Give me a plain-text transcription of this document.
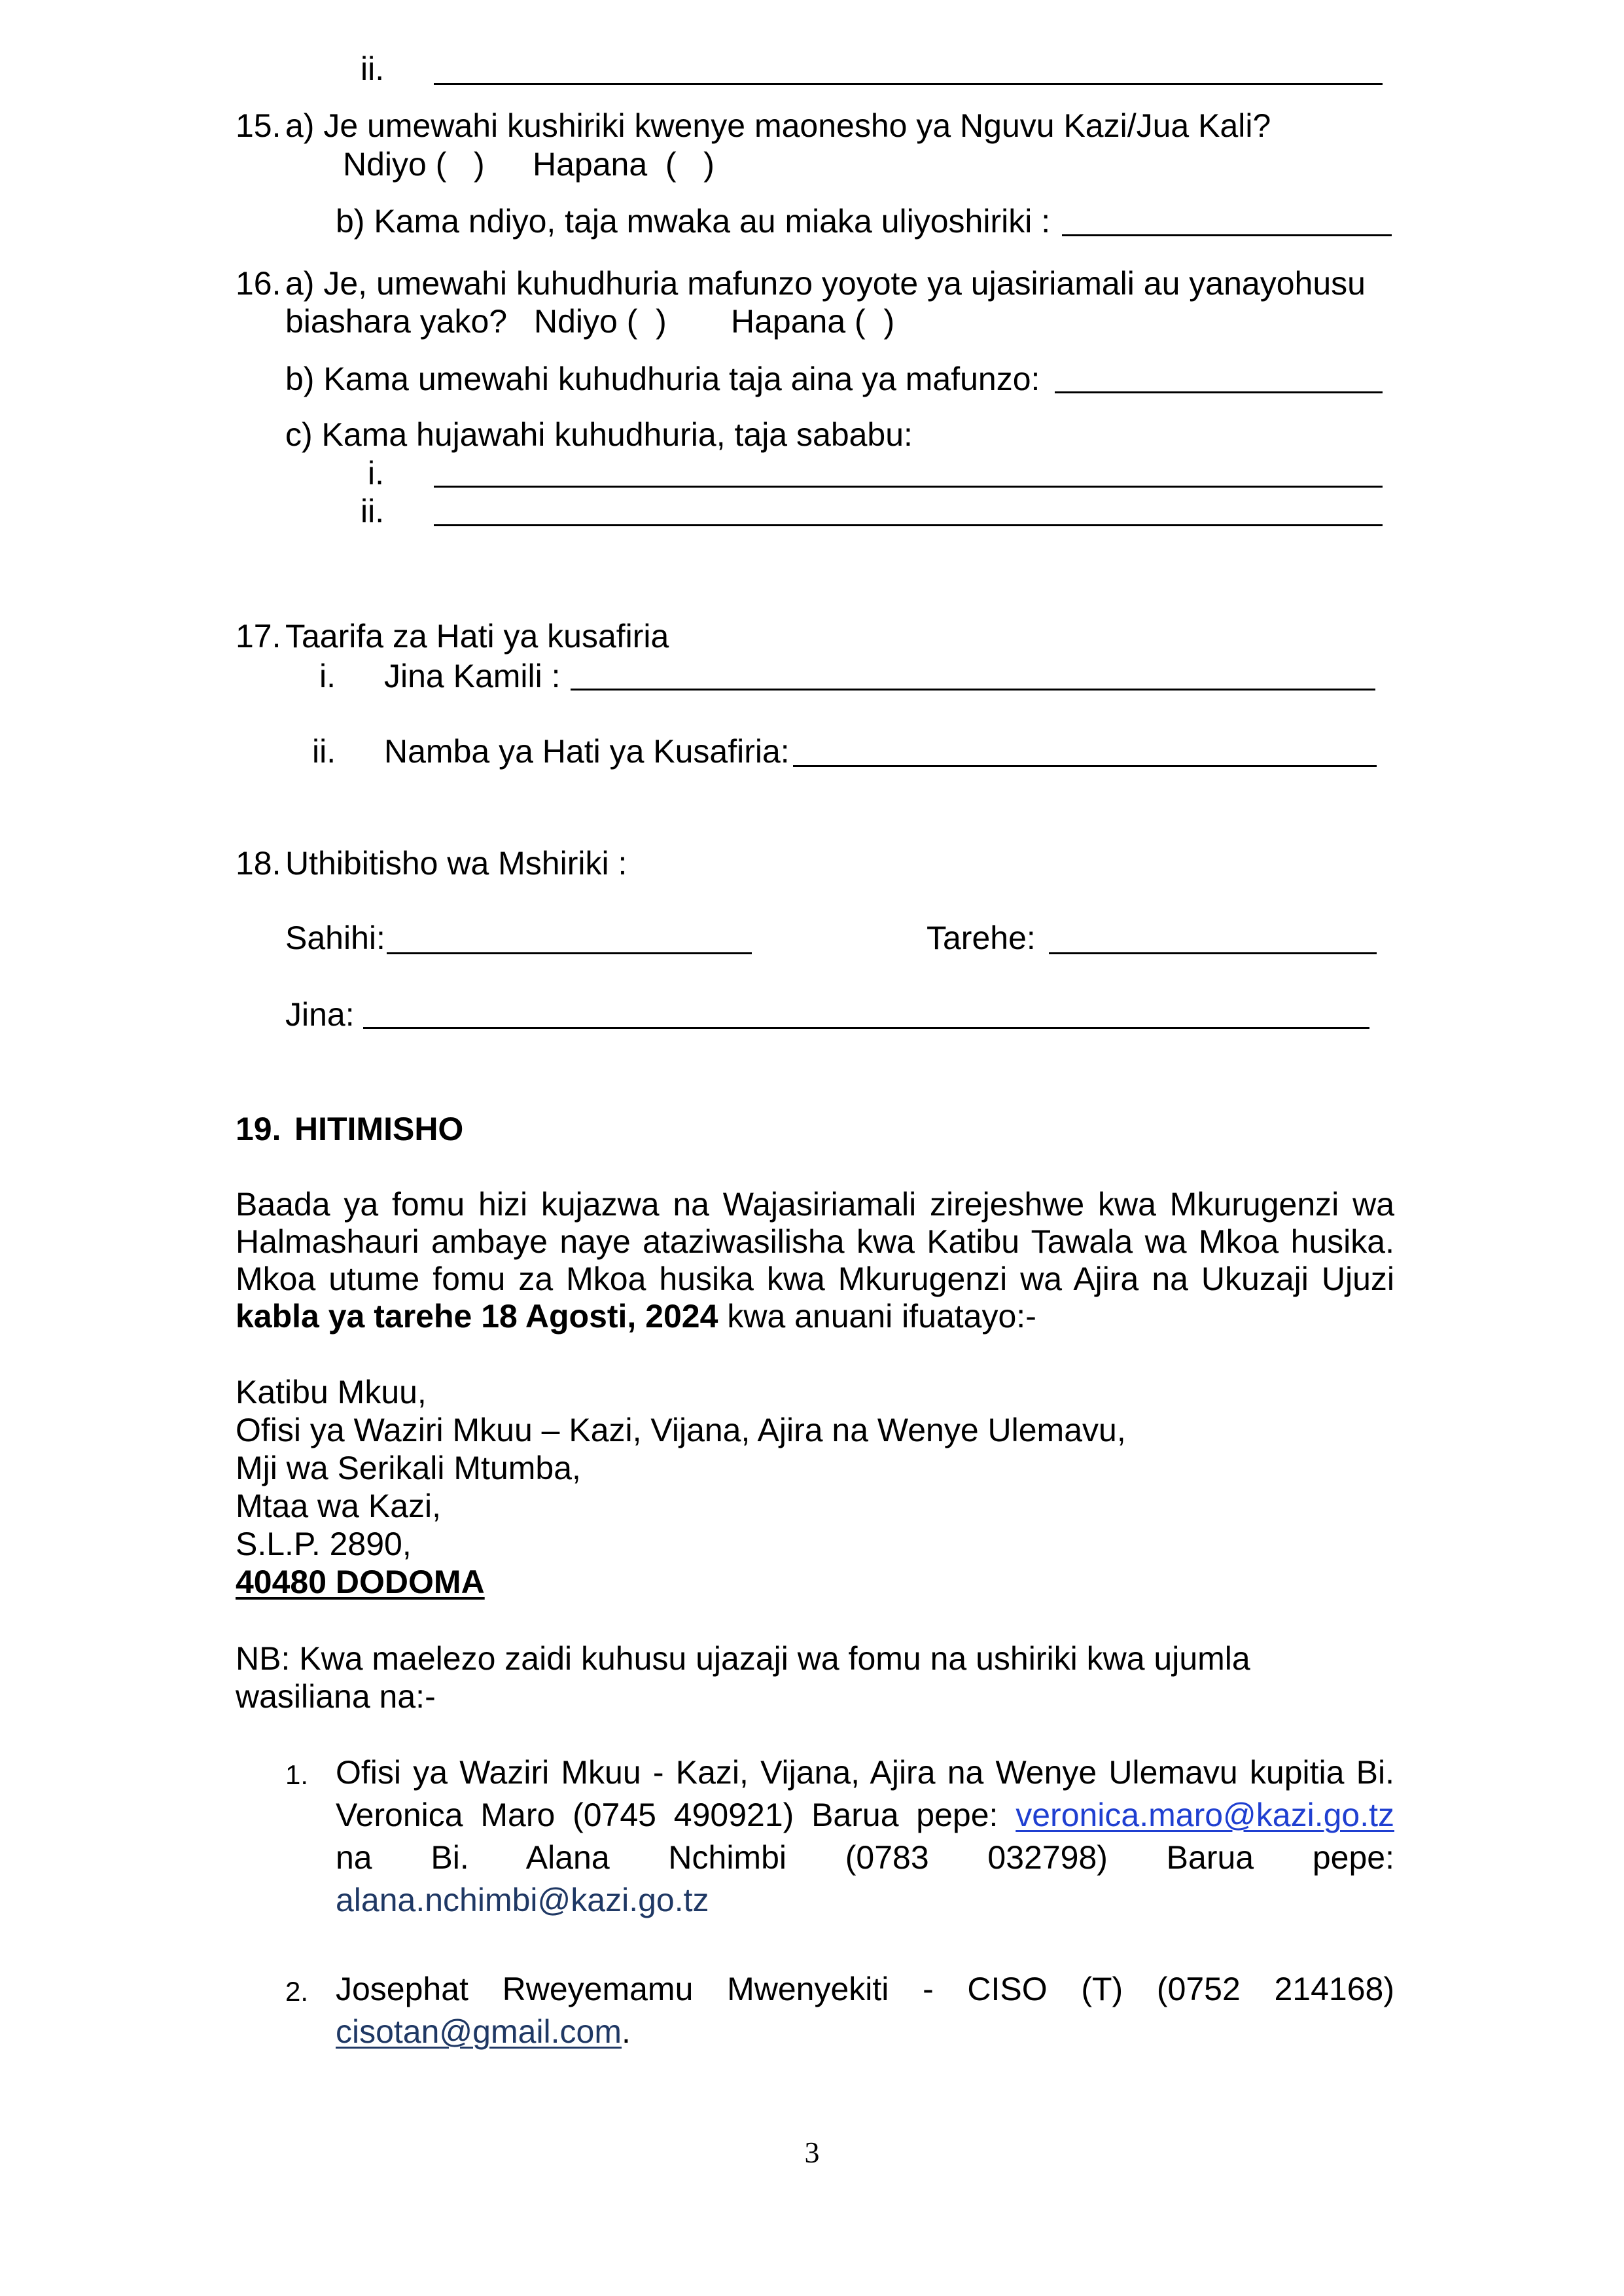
ii.
15. a) Je umewahi kushiriki kwenye maonesho ya Nguvu Kazi/Jua Kali?
Ndiyo (   ) Hapana  (   )
b) Kama ndiyo, taja mwaka au miaka uliyoshiriki :
16. a) Je, umewahi kuhudhuria mafunzo yoyote ya ujasiriamali au yanayohusu
biashara yako? Ndiyo (  ) Hapana (  )
b) Kama umewahi kuhudhuria taja aina ya mafunzo:
c) Kama hujawahi kuhudhuria, taja sababu:
i.
ii.
17. Taarifa za Hati ya kusafiria
i. Jina Kamili :
ii. Namba ya Hati ya Kusafiria:
18. Uthibitisho wa Mshiriki :
Sahihi:	Tarehe:
Jina:
19. HITIMISHO
Baada ya fomu hizi kujazwa na Wajasiriamali zirejeshwe kwa Mkurugenzi wa
Halmashauri ambaye naye ataziwasilisha kwa Katibu Tawala wa Mkoa husika.
Mkoa utume fomu za Mkoa husika kwa Mkurugenzi wa Ajira na Ukuzaji Ujuzi
kabla ya tarehe 18 Agosti, 2024 kwa anuani ifuatayo:-
Katibu Mkuu,
Ofisi ya Waziri Mkuu – Kazi, Vijana, Ajira na Wenye Ulemavu,
Mji wa Serikali Mtumba,
Mtaa wa Kazi,
S.L.P. 2890,
40480 DODOMA
NB: Kwa maelezo zaidi kuhusu ujazaji wa fomu na ushiriki kwa ujumla
wasiliana na:-
1. Ofisi ya Waziri Mkuu - Kazi, Vijana, Ajira na Wenye Ulemavu kupitia Bi.
Veronica Maro (0745 490921) Barua pepe: veronica.maro@kazi.go.tz
na Bi. Alana Nchimbi (0783 032798) Barua pepe:
alana.nchimbi@kazi.go.tz
2. Josephat Rweyemamu Mwenyekiti - CISO (T) (0752 214168)
cisotan@gmail.com.
3
